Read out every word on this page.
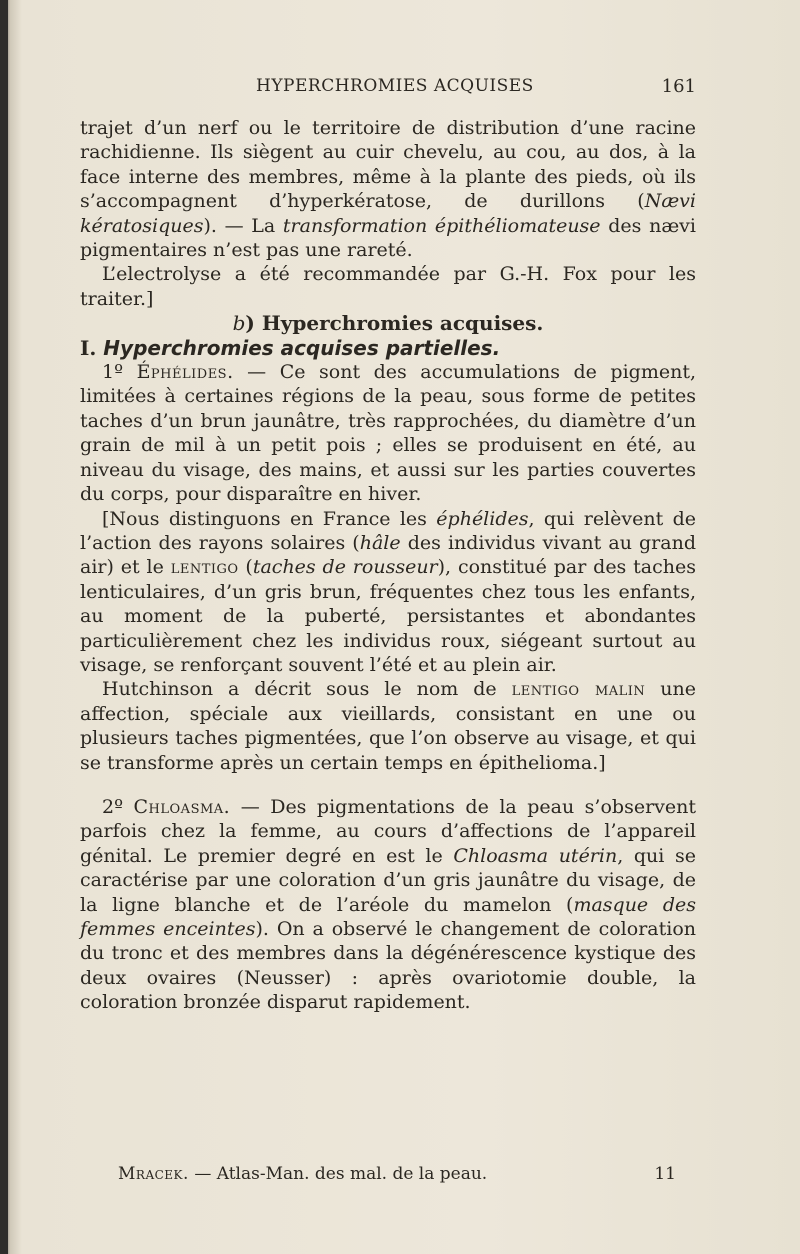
HYPERCHROMIES ACQUISES	161

trajet d’un nerf ou le territoire de distribution d’une racine rachidienne. Ils siègent au cuir chevelu, au cou, au dos, à la face interne des membres, même à la plante des pieds, où ils s’accompagnent d’hyperkératose, de durillons (Nævi kératosiques). — La transformation épithéliomateuse des nævi pigmentaires n’est pas une rareté.

L’electrolyse a été recommandée par G.-H. Fox pour les traiter.]

b) Hyperchromies acquises.

I. Hyperchromies acquises partielles.

1º Éphélides. — Ce sont des accumulations de pigment, limitées à certaines régions de la peau, sous forme de petites taches d’un brun jaunâtre, très rapprochées, du diamètre d’un grain de mil à un petit pois ; elles se produisent en été, au niveau du visage, des mains, et aussi sur les parties couvertes du corps, pour disparaître en hiver.

[Nous distinguons en France les éphélides, qui relèvent de l’action des rayons solaires (hâle des individus vivant au grand air) et le lentigo (taches de rousseur), constitué par des taches lenticulaires, d’un gris brun, fréquentes chez tous les enfants, au moment de la puberté, persistantes et abondantes particulièrement chez les individus roux, siégeant surtout au visage, se renforçant souvent l’été et au plein air.

Hutchinson a décrit sous le nom de lentigo malin une affection, spéciale aux vieillards, consistant en une ou plusieurs taches pigmentées, que l’on observe au visage, et qui se transforme après un certain temps en épithelioma.]

2º Chloasma. — Des pigmentations de la peau s’observent parfois chez la femme, au cours d’affections de l’appareil génital. Le premier degré en est le Chloasma utérin, qui se caractérise par une coloration d’un gris jaunâtre du visage, de la ligne blanche et de l’aréole du mamelon (masque des femmes enceintes). On a observé le changement de coloration du tronc et des membres dans la dégénérescence kystique des deux ovaires (Neusser) : après ovariotomie double, la coloration bronzée disparut rapidement.

Mracek. — Atlas-Man. des mal. de la peau.	11
